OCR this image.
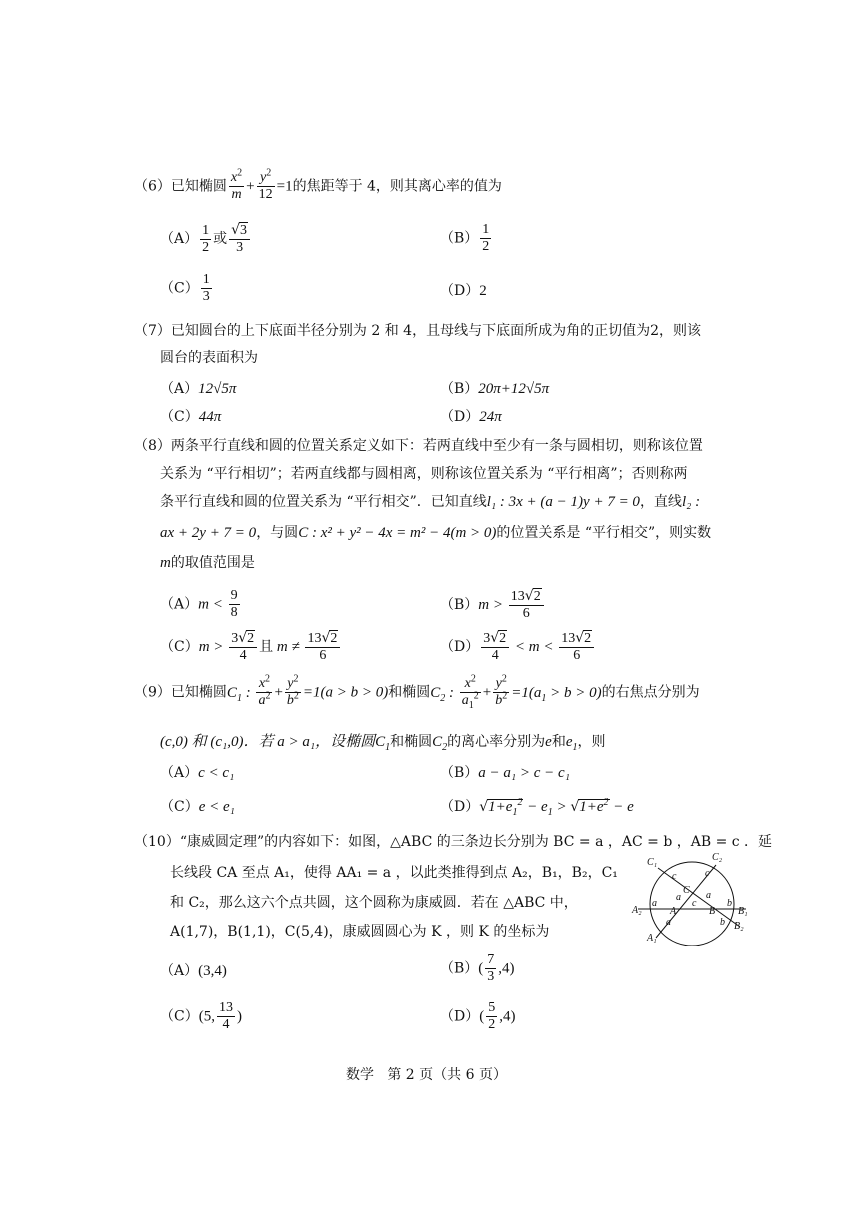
（6）已知椭圆 $\frac{x^2}{m} + \frac{y^2}{12} =1$的焦距等于 4，则其离心率的值为
$(A) \frac{1}{2}$ 或 $\frac{√3}{3}$	$(B) \frac{1}{2}$
$(C) \frac{1}{3}$	（D）2
（7）已知圆台的上下底面半径分别为 2 和 4，且母线与下底面所成为角的正切值为2，则该
圆台的表面积为
（A）12√5π	（B）20π+12√5π
（C）44π	（D）24π
（8）两条平行直线和圆的位置关系定义如下：若两直线中至少有一条与圆相切，则称该位置
关系为 “平行相切”；若两直线都与圆相离，则称该位置关系为 “平行相离”；否则称两
条平行直线和圆的位置关系为 “平行相交”．已知直线l₁ : 3x + (a − 1)y + 7 = 0，直线l₂ :
ax + 2y + 7 = 0，与圆C : x² + y² − 4x = m² − 4(m > 0)的位置关系是 “平行相交”，则实数
m的取值范围是
$(A)m < \frac{9}{8}$	$(B)m > \frac{13√2}{6}$
$(C)m > \frac{3√2}{4}$ 且 $m \ne \frac{13√2}{6}$	$(D) \frac{3√2}{4} < m < \frac{13√2}{6}$
（9）已知椭圆$C_1$ : $\frac{x^2}{a^2} + \frac{y^2}{b^2} =1(a > b > 0)$和椭圆$C_2$ : $\frac{x^2}{a_1^2} + \frac{y^2}{b^2} =1(a_1 > b > 0)$的右焦点分别为
(c,0) 和 (c₁,0)．若 a > a₁，设椭圆$C_1$和椭圆$C_2$的离心率分别为e和$e_1$，则
（A）c < c₁	（B）a − a₁ > c − c₁
（C）e < e₁	$(D)√1+e_1^2 - e_1 > √1+e^2 - e$
（10）“康威圆定理”的内容如下：如图，△ABC 的三条边长分别为 BC = a ，AC = b ，AB = c ．延
长线段 CA 至点 A₁，使得 AA₁ = a ，以此类推得到点 A₂，B₁，B₂，C₁
和 C₂，那么这六个点共圆，这个圆称为康威圆．若在 △ABC 中，
A(1,7)，B(1,1)，C(5,4)，康威圆圆心为 K ，则 K 的坐标为
C₁	C₂
c	c
C a
a
A₂
a
A
c
B
b
B₁
a	b
A₁
B₂
（A）(3,4)	$(B)( \frac{7}{3} ,4)$
（C）(5, $\frac{13}{4}$ )	$(D)( \frac{5}{2} ,4)$
数学   第 2 页（共 6 页）
